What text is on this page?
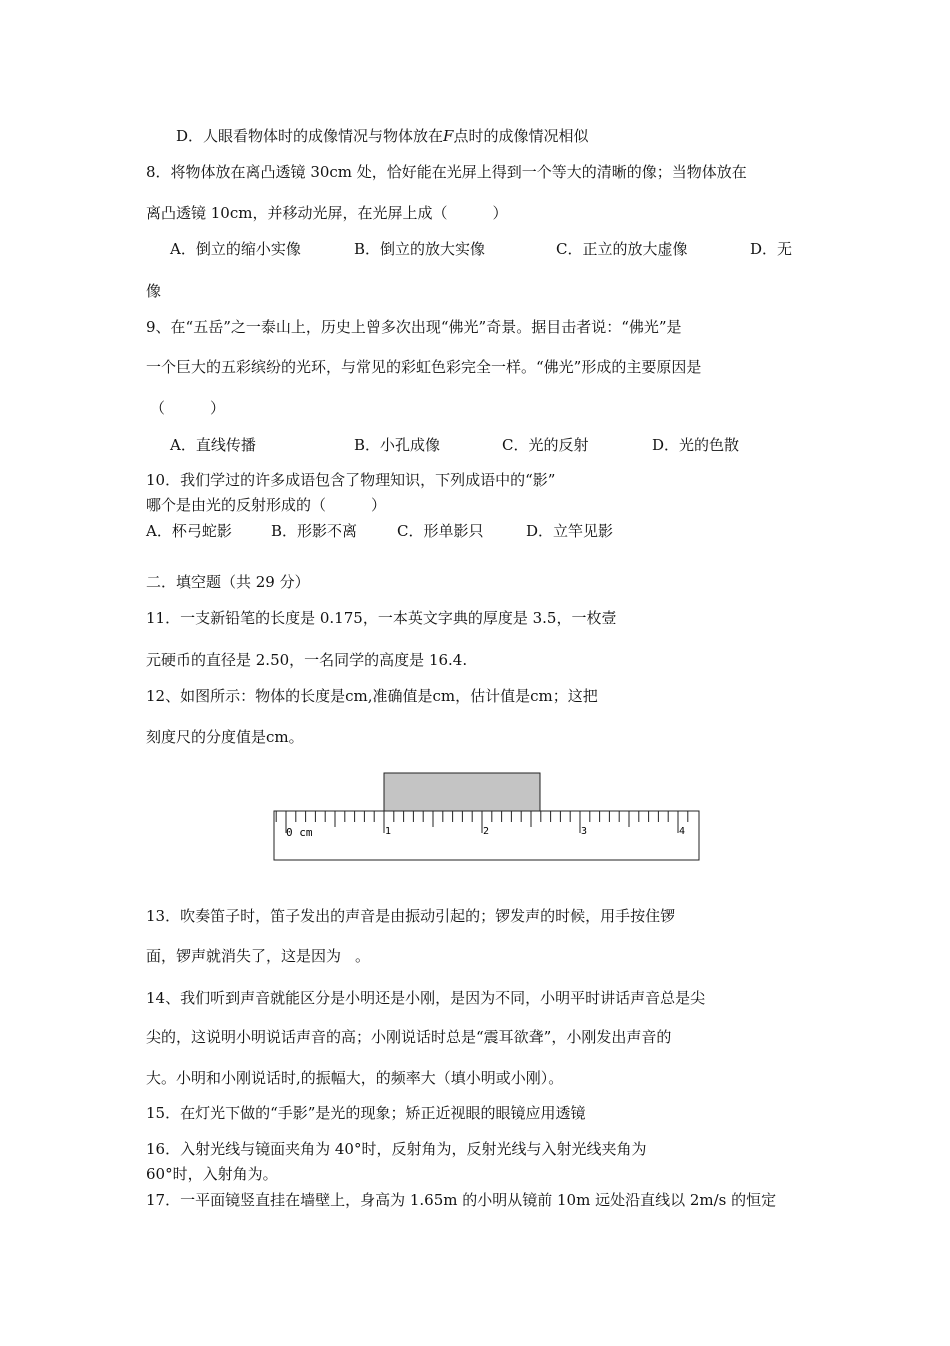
D．人眼看物体时的成像情况与物体放在F点时的成像情况相似
8．将物体放在离凸透镜 30cm 处，恰好能在光屏上得到一个等大的清晰的像；当物体放在
离凸透镜 10cm，并移动光屏，在光屏上成（　　　）
A．倒立的缩小实像	B．倒立的放大实像	C．正立的放大虚像	D．无
像
9、在“五岳”之一泰山上，历史上曾多次出现“佛光”奇景。据目击者说：“佛光”是
一个巨大的五彩缤纷的光环，与常见的彩虹色彩完全一样。“佛光”形成的主要原因是
（　　　）
A．直线传播	B．小孔成像	C．光的反射	D．光的色散
10．我们学过的许多成语包含了物理知识，下列成语中的“影”
哪个是由光的反射形成的（　　　）
A．杯弓蛇影	B．形影不离	C．形单影只	D．立竿见影
二．填空题（共 29 分）
11．一支新铅笔的长度是 0.175，一本英文字典的厚度是 3.5，一枚壹
元硬币的直径是 2.50，一名同学的高度是 16.4.
12、如图所示：物体的长度是cm,准确值是cm，估计值是cm；这把
刻度尺的分度值是cm。
0 cm	1	2	3	4
13．吹奏笛子时，笛子发出的声音是由振动引起的；锣发声的时候，用手按住锣
面，锣声就消失了，这是因为 。
14、我们听到声音就能区分是小明还是小刚，是因为不同，小明平时讲话声音总是尖
尖的，这说明小明说话声音的高；小刚说话时总是“震耳欲聋”，小刚发出声音的
大。小明和小刚说话时,的振幅大，的频率大（填小明或小刚）。
15．在灯光下做的“手影”是光的现象；矫正近视眼的眼镜应用透镜
16．入射光线与镜面夹角为 40°时，反射角为，反射光线与入射光线夹角为
60°时，入射角为。
17．一平面镜竖直挂在墙壁上，身高为 1.65m 的小明从镜前 10m 远处沿直线以 2m/s 的恒定
